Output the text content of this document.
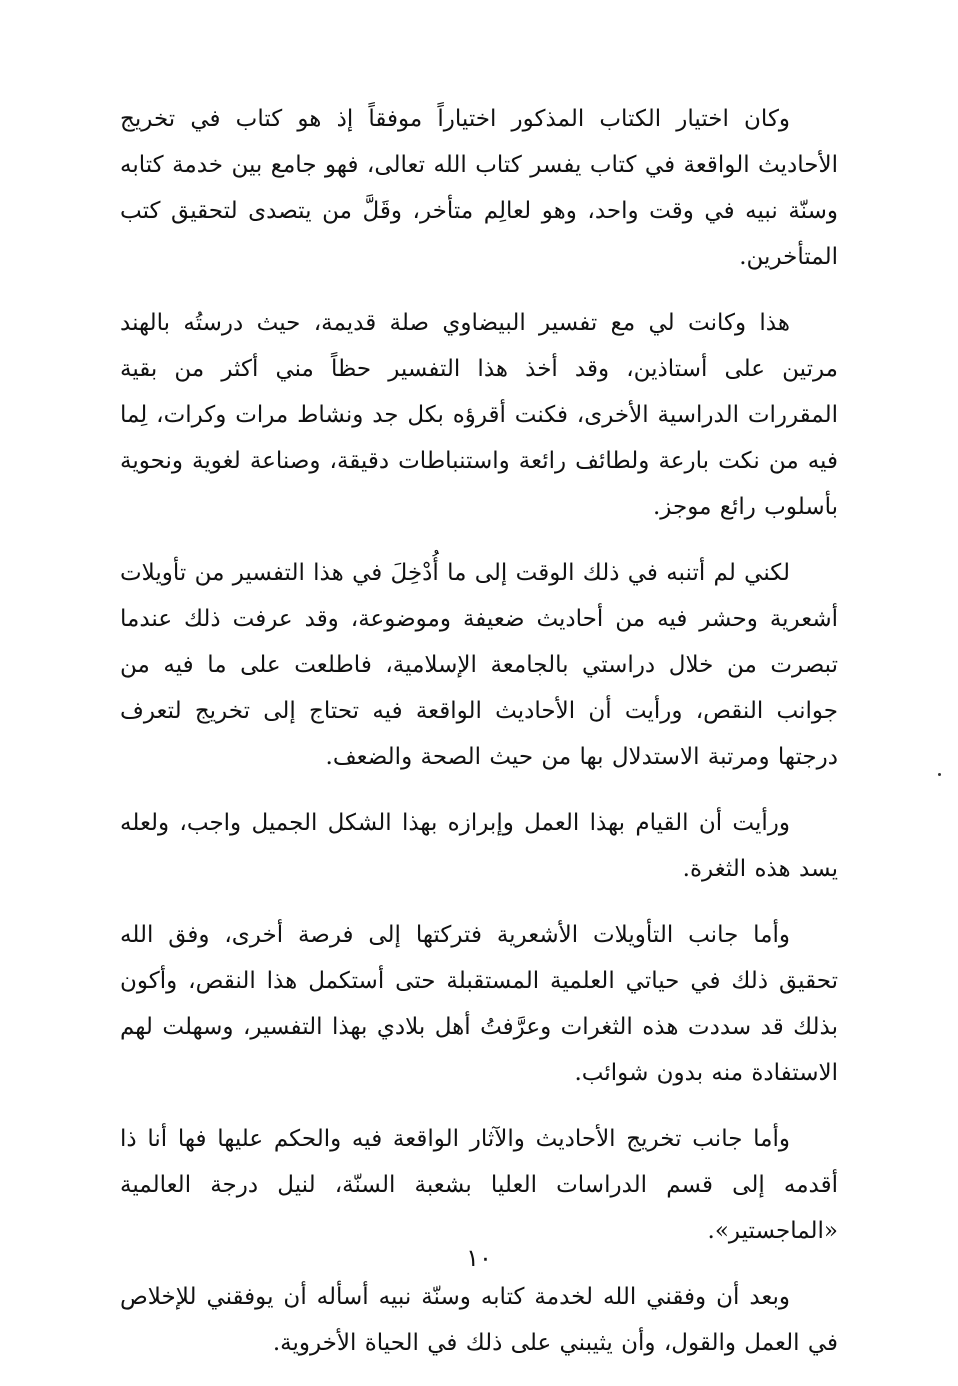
وكان اختيار الكتاب المذكور اختياراً موفقاً إذ هو كتاب في تخريج الأحاديث الواقعة في كتاب يفسر كتاب الله تعالى، فهو جامع بين خدمة كتابه وسنّة نبيه في وقت واحد، وهو لعالِم متأخر، وقَلَّ من يتصدى لتحقيق كتب المتأخرين.

هذا وكانت لي مع تفسير البيضاوي صلة قديمة، حيث درستُه بالهند مرتين على أستاذين، وقد أخذ هذا التفسير حظاً مني أكثر من بقية المقررات الدراسية الأخرى، فكنت أقرؤه بكل جد ونشاط مرات وكرات، لِما فيه من نكت بارعة ولطائف رائعة واستنباطات دقيقة، وصناعة لغوية ونحوية بأسلوب رائع موجز.

لكني لم أتنبه في ذلك الوقت إلى ما أُدْخِلَ في هذا التفسير من تأويلات أشعرية وحشر فيه من أحاديث ضعيفة وموضوعة، وقد عرفت ذلك عندما تبصرت من خلال دراستي بالجامعة الإسلامية، فاطلعت على ما فيه من جوانب النقص، ورأيت أن الأحاديث الواقعة فيه تحتاج إلى تخريج لتعرف درجتها ومرتبة الاستدلال بها من حيث الصحة والضعف.

ورأيت أن القيام بهذا العمل وإبرازه بهذا الشكل الجميل واجب، ولعله يسد هذه الثغرة.

وأما جانب التأويلات الأشعرية فتركتها إلى فرصة أخرى، وفق الله تحقيق ذلك في حياتي العلمية المستقبلة حتى أستكمل هذا النقص، وأكون بذلك قد سددت هذه الثغرات وعرَّفتُ أهل بلادي بهذا التفسير، وسهلت لهم الاستفادة منه بدون شوائب.

وأما جانب تخريج الأحاديث والآثار الواقعة فيه والحكم عليها فها أنا ذا أقدمه إلى قسم الدراسات العليا بشعبة السنّة، لنيل درجة العالمية «الماجستير».

وبعد أن وفقني الله لخدمة كتابه وسنّة نبيه أسأله أن يوفقني للإخلاص في العمل والقول، وأن يثيبني على ذلك في الحياة الأخروية.

١٠
